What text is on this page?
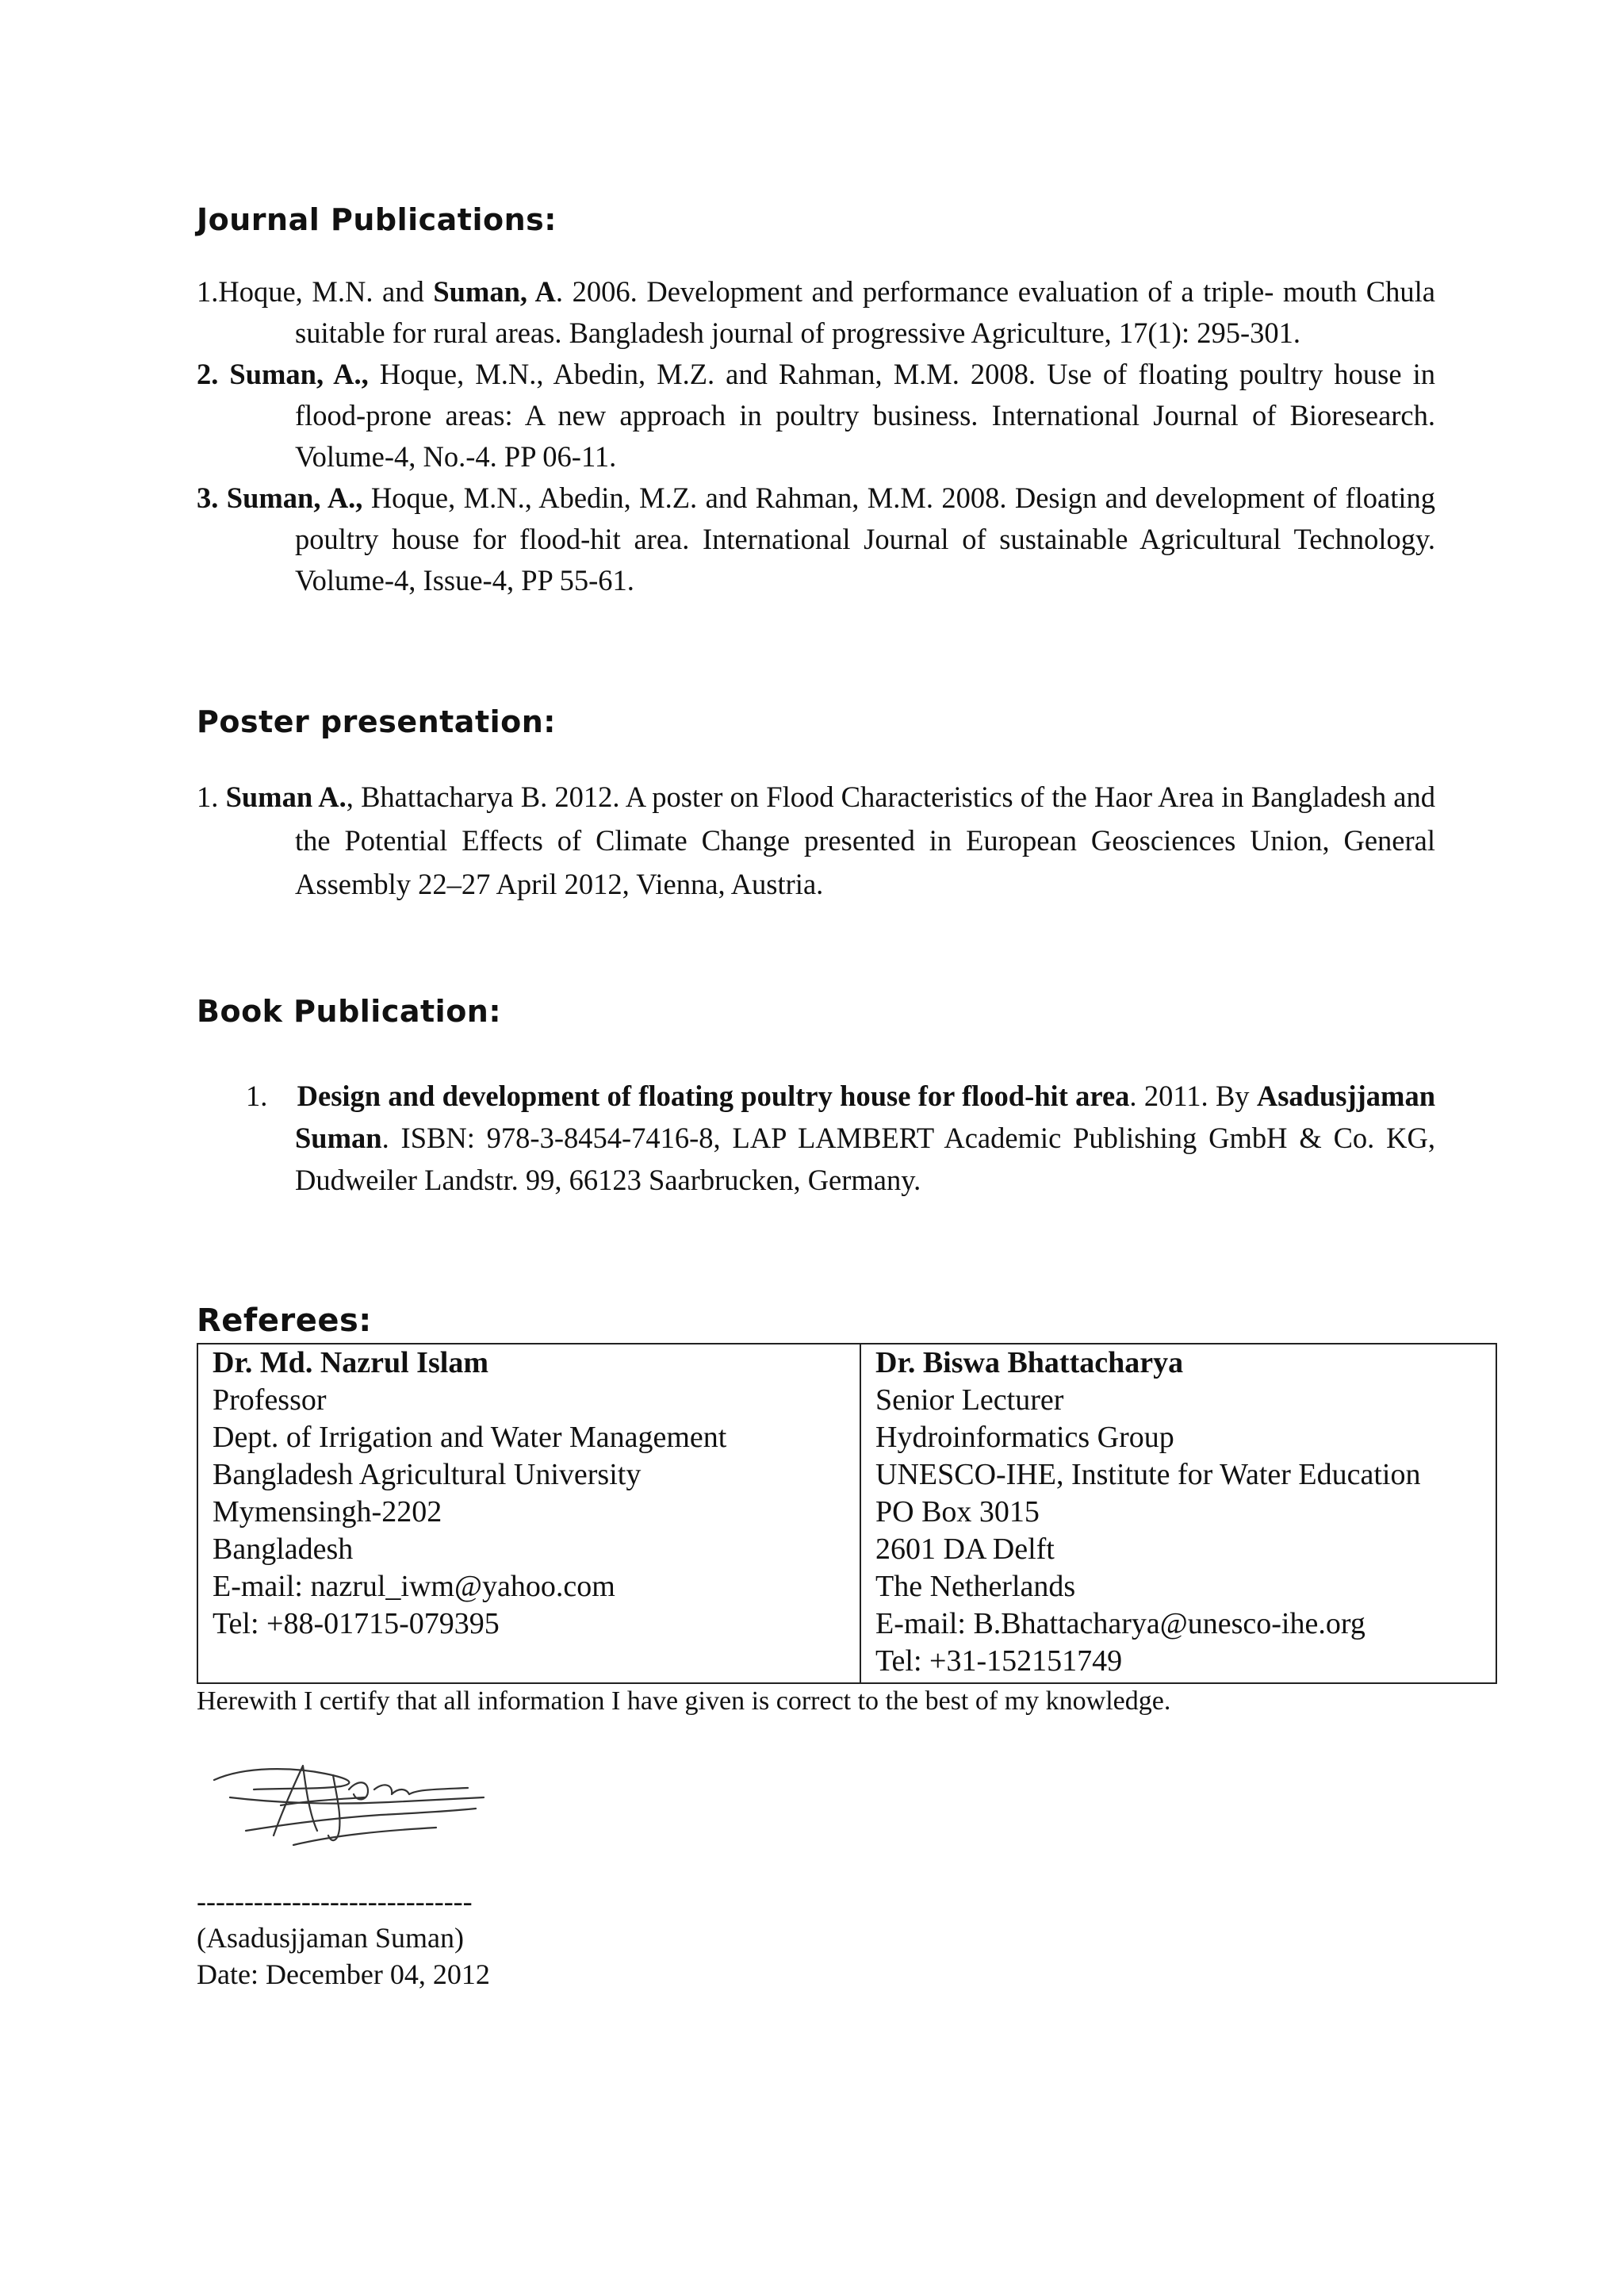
Journal Publications:

1.Hoque, M.N. and Suman, A. 2006. Development and performance evaluation of a triple- mouth Chula suitable for rural areas. Bangladesh journal of progressive Agriculture, 17(1): 295-301.

2. Suman, A., Hoque, M.N., Abedin, M.Z. and Rahman, M.M. 2008. Use of floating poultry house in flood-prone areas: A new approach in poultry business. International Journal of Bioresearch. Volume-4, No.-4. PP 06-11.

3. Suman, A., Hoque, M.N., Abedin, M.Z. and Rahman, M.M. 2008. Design and development of floating poultry house for flood-hit area. International Journal of sustainable Agricultural Technology. Volume-4, Issue-4, PP 55-61.

Poster presentation:

1. Suman A., Bhattacharya B. 2012. A poster on Flood Characteristics of the Haor Area in Bangladesh and the Potential Effects of Climate Change presented in European Geosciences Union, General Assembly 22–27 April 2012, Vienna, Austria.

Book Publication:

1. Design and development of floating poultry house for flood-hit area. 2011. By Asadusjjaman Suman. ISBN: 978-3-8454-7416-8, LAP LAMBERT Academic Publishing GmbH & Co. KG, Dudweiler Landstr. 99, 66123 Saarbrucken, Germany.

Referees:
Dr. Md. Nazrul Islam
Professor
Dept. of Irrigation and Water Management
Bangladesh Agricultural University
Mymensingh-2202
Bangladesh
E-mail: nazrul_iwm@yahoo.com
Tel: +88-01715-079395
Dr. Biswa Bhattacharya
Senior Lecturer
Hydroinformatics Group
UNESCO-IHE, Institute for Water Education
PO Box 3015
2601 DA Delft
The Netherlands
E-mail: B.Bhattacharya@unesco-ihe.org
Tel: +31-152151749
Herewith I certify that all information I have given is correct to the best of my knowledge.
-----------------------------
(Asadusjjaman Suman)
Date: December 04, 2012
